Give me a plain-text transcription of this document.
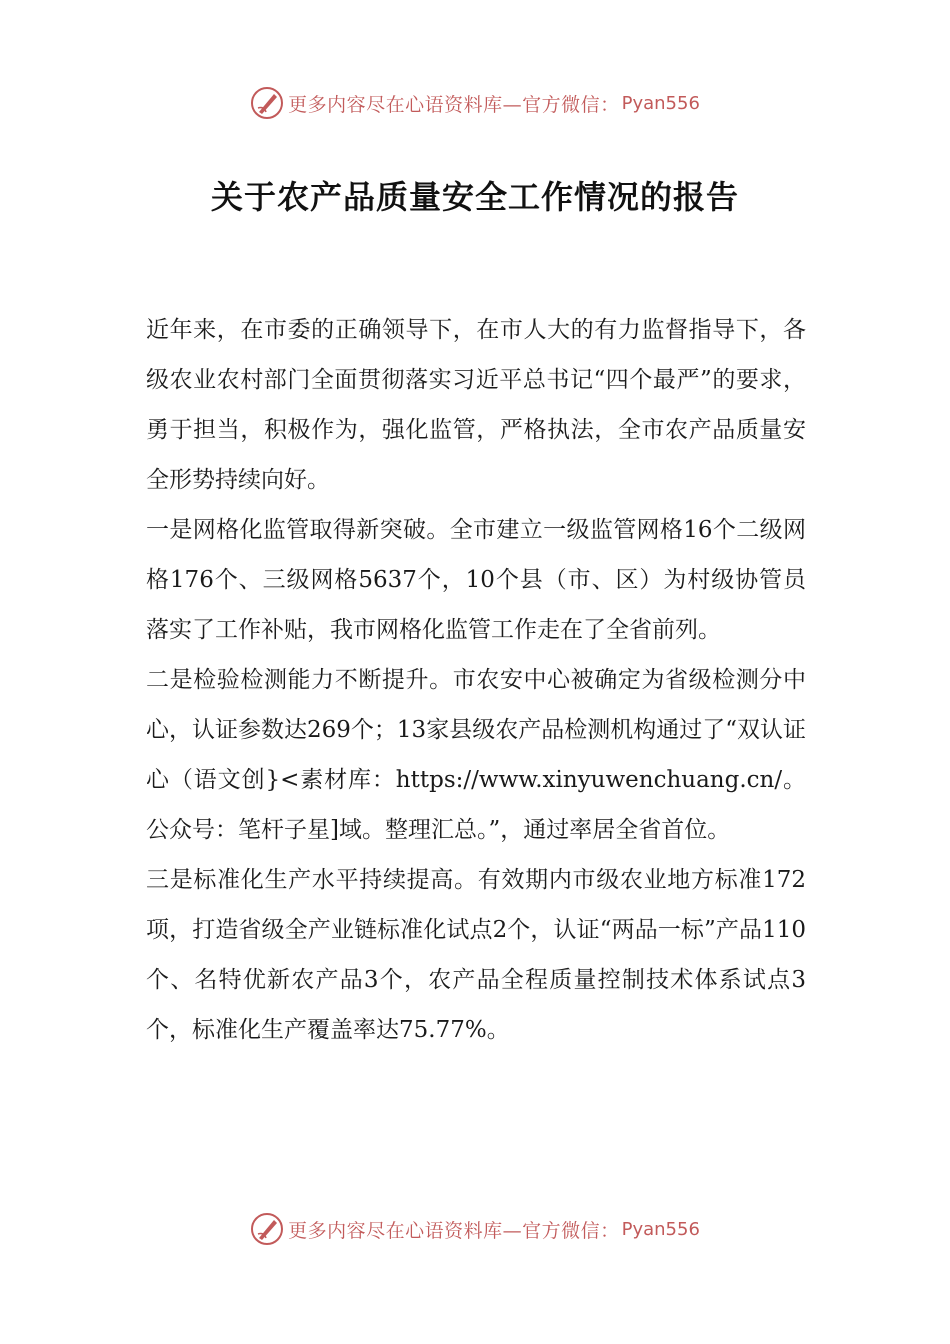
更多内容尽在心语资料库—官方微信： Pyan556
关于农产品质量安全工作情况的报告

近年来，在市委的正确领导下，在市人大的有力监督指导下，各级农业农村部门全面贯彻落实习近平总书记“四个最严”的要求，勇于担当，积极作为，强化监管，严格执法，全市农产品质量安全形势持续向好。

一是网格化监管取得新突破。全市建立一级监管网格16个二级网格176个、三级网格5637个，10个县（市、区）为村级协管员落实了工作补贴，我市网格化监管工作走在了全省前列。

二是检验检测能力不断提升。市农安中心被确定为省级检测分中心，认证参数达269个；13家县级农产品检测机构通过了“双认证心（语文创}<素材库：https://www.xinyuwenchuang.cn/。公众号：笔杆子星]域。整理汇总。”，通过率居全省首位。

三是标准化生产水平持续提高。有效期内市级农业地方标准172项，打造省级全产业链标准化试点2个，认证“两品一标”产品110个、名特优新农产品3个，农产品全程质量控制技术体系试点3个，标准化生产覆盖率达75.77%。

更多内容尽在心语资料库—官方微信： Pyan556
